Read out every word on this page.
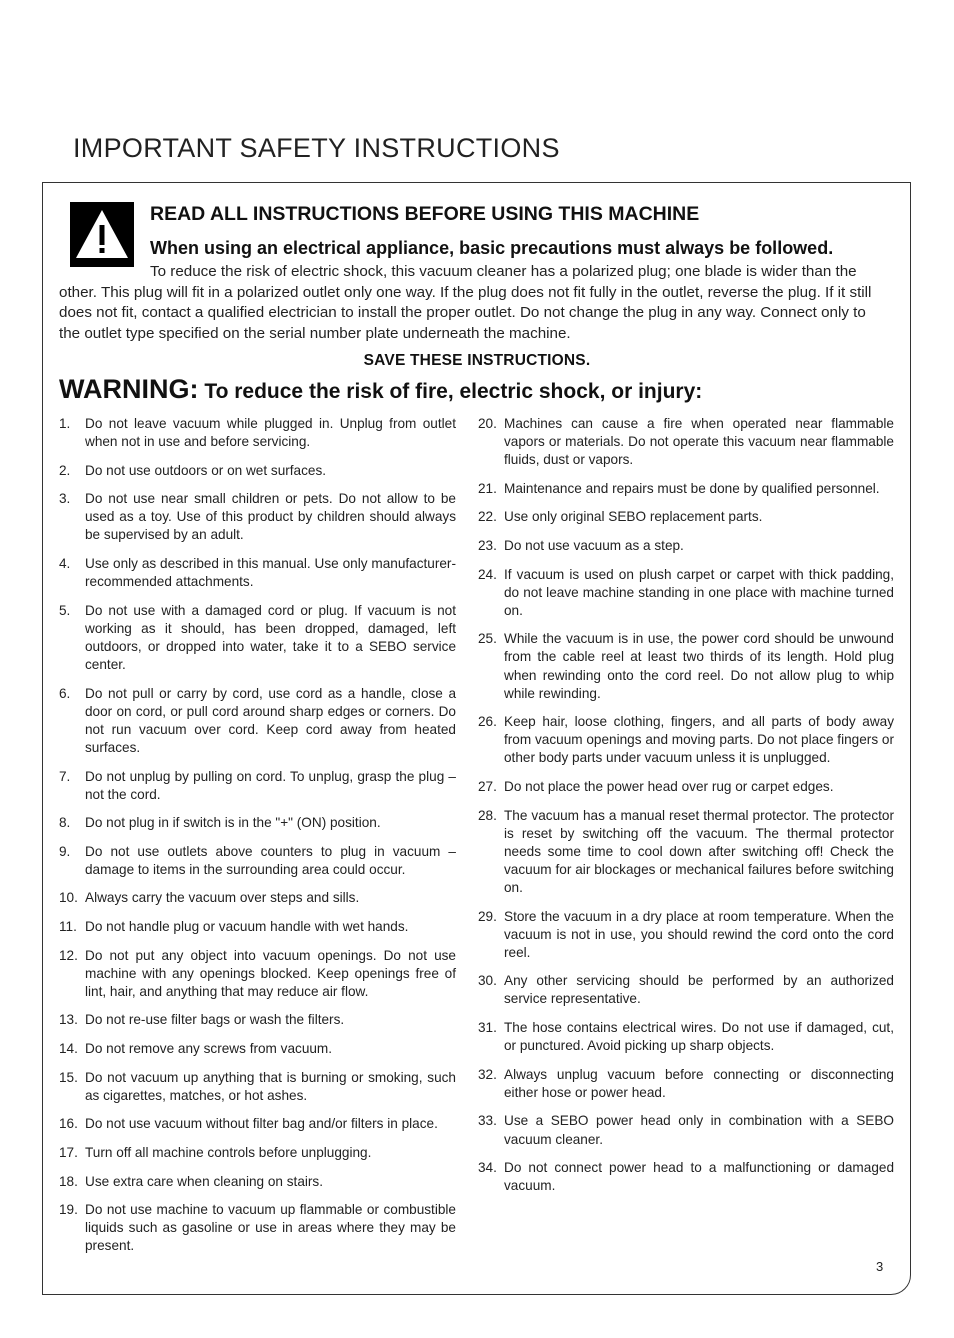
IMPORTANT SAFETY INSTRUCTIONS
READ ALL INSTRUCTIONS BEFORE USING THIS MACHINE
When using an electrical appliance, basic precautions must always be followed.
To reduce the risk of electric shock, this vacuum cleaner has a polarized plug; one blade is wider than the other. This plug will fit in a polarized outlet only one way. If the plug does not fit fully in the outlet, reverse the plug. If it still does not fit, contact a qualified electrician to install the proper outlet. Do not change the plug in any way. Connect only to the outlet type specified on the serial number plate underneath the machine.
SAVE THESE INSTRUCTIONS.
WARNING: To reduce the risk of fire, electric shock, or injury:
1. Do not leave vacuum while plugged in. Unplug from outlet when not in use and before servicing.
2. Do not use outdoors or on wet surfaces.
3. Do not use near small children or pets. Do not allow to be used as a toy. Use of this product by children should always be supervised by an adult.
4. Use only as described in this manual. Use only manufacturer-recommended attachments.
5. Do not use with a damaged cord or plug. If vacuum is not working as it should, has been dropped, damaged, left outdoors, or dropped into water, take it to a SEBO service center.
6. Do not pull or carry by cord, use cord as a handle, close a door on cord, or pull cord around sharp edges or corners. Do not run vacuum over cord. Keep cord away from heated surfaces.
7. Do not unplug by pulling on cord. To unplug, grasp the plug – not the cord.
8. Do not plug in if switch is in the "+" (ON) position.
9. Do not use outlets above counters to plug in vacuum – damage to items in the surrounding area could occur.
10. Always carry the vacuum over steps and sills.
11. Do not handle plug or vacuum handle with wet hands.
12. Do not put any object into vacuum openings. Do not use machine with any openings blocked. Keep openings free of lint, hair, and anything that may reduce air flow.
13. Do not re-use filter bags or wash the filters.
14. Do not remove any screws from vacuum.
15. Do not vacuum up anything that is burning or smoking, such as cigarettes, matches, or hot ashes.
16. Do not use vacuum without filter bag and/or filters in place.
17. Turn off all machine controls before unplugging.
18. Use extra care when cleaning on stairs.
19. Do not use machine to vacuum up flammable or combustible liquids such as gasoline or use in areas where they may be present.
20. Machines can cause a fire when operated near flammable vapors or materials. Do not operate this vacuum near flammable fluids, dust or vapors.
21. Maintenance and repairs must be done by qualified personnel.
22. Use only original SEBO replacement parts.
23. Do not use vacuum as a step.
24. If vacuum is used on plush carpet or carpet with thick padding, do not leave machine standing in one place with machine turned on.
25. While the vacuum is in use, the power cord should be unwound from the cable reel at least two thirds of its length. Hold plug when rewinding onto the cord reel. Do not allow plug to whip while rewinding.
26. Keep hair, loose clothing, fingers, and all parts of body away from vacuum openings and moving parts. Do not place fingers or other body parts under vacuum unless it is unplugged.
27. Do not place the power head over rug or carpet edges.
28. The vacuum has a manual reset thermal protector. The protector is reset by switching off the vacuum. The thermal protector needs some time to cool down after switching off! Check the vacuum for air blockages or mechanical failures before switching on.
29. Store the vacuum in a dry place at room temperature. When the vacuum is not in use, you should rewind the cord onto the cord reel.
30. Any other servicing should be performed by an authorized service representative.
31. The hose contains electrical wires. Do not use if damaged, cut, or punctured. Avoid picking up sharp objects.
32. Always unplug vacuum before connecting or disconnecting either hose or power head.
33. Use a SEBO power head only in combination with a SEBO vacuum cleaner.
34. Do not connect power head to a malfunctioning or damaged vacuum.
3
